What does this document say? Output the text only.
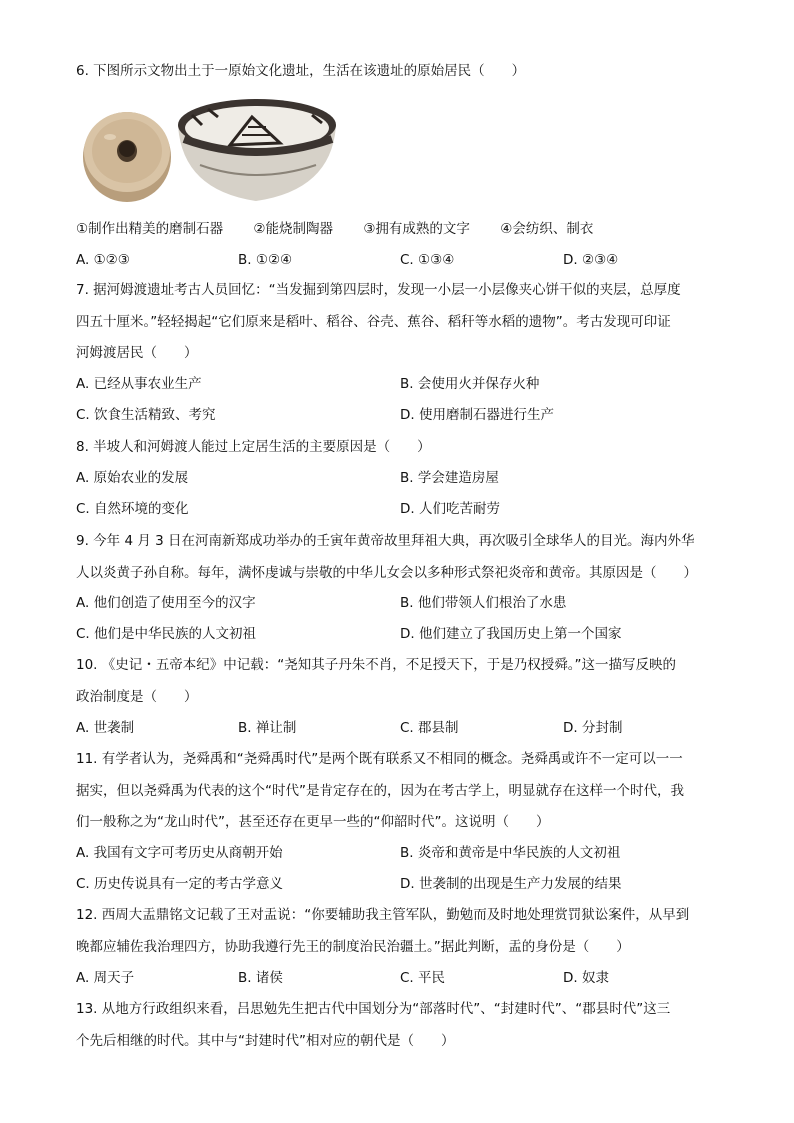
6. 下图所示文物出土于一原始文化遗址，生活在该遗址的原始居民（　　）
①制作出精美的磨制石器 ②能烧制陶器 ③拥有成熟的文字 ④会纺织、制衣
A. ①②③	B. ①②④	C. ①③④	D. ②③④
7. 据河姆渡遗址考古人员回忆：“当发掘到第四层时，发现一小层一小层像夹心饼干似的夹层，总厚度
四五十厘米。”轻轻揭起“它们原来是稻叶、稻谷、谷壳、蕉谷、稻秆等水稻的遗物”。考古发现可印证
河姆渡居民（　　）
A. 已经从事农业生产	B. 会使用火并保存火种
C. 饮食生活精致、考究	D. 使用磨制石器进行生产
8. 半坡人和河姆渡人能过上定居生活的主要原因是（　　）
A. 原始农业的发展	B. 学会建造房屋
C. 自然环境的变化	D. 人们吃苦耐劳
9. 今年 4 月 3 日在河南新郑成功举办的壬寅年黄帝故里拜祖大典，再次吸引全球华人的目光。海内外华
人以炎黄子孙自称。每年，满怀虔诚与崇敬的中华儿女会以多种形式祭祀炎帝和黄帝。其原因是（　　）
A. 他们创造了使用至今的汉字	B. 他们带领人们根治了水患
C. 他们是中华民族的人文初祖	D. 他们建立了我国历史上第一个国家
10. 《史记・五帝本纪》中记载：“尧知其子丹朱不肖，不足授天下，于是乃权授舜。”这一描写反映的
政治制度是（　　）
A. 世袭制	B. 禅让制	C. 郡县制	D. 分封制
11. 有学者认为，尧舜禹和“尧舜禹时代”是两个既有联系又不相同的概念。尧舜禹或许不一定可以一一
据实，但以尧舜禹为代表的这个“时代”是肯定存在的，因为在考古学上，明显就存在这样一个时代，我
们一般称之为“龙山时代”，甚至还存在更早一些的“仰韶时代”。这说明（　　）
A. 我国有文字可考历史从商朝开始	B. 炎帝和黄帝是中华民族的人文初祖
C. 历史传说具有一定的考古学意义	D. 世袭制的出现是生产力发展的结果
12. 西周大盂鼎铭文记载了王对盂说：“你要辅助我主管军队，勤勉而及时地处理赏罚狱讼案件，从早到
晚都应辅佐我治理四方，协助我遵行先王的制度治民治疆土。”据此判断，盂的身份是（　　）
A. 周天子	B. 诸侯	C. 平民	D. 奴隶
13. 从地方行政组织来看，吕思勉先生把古代中国划分为“部落时代”、“封建时代”、“郡县时代”这三
个先后相继的时代。其中与“封建时代”相对应的朝代是（　　）
